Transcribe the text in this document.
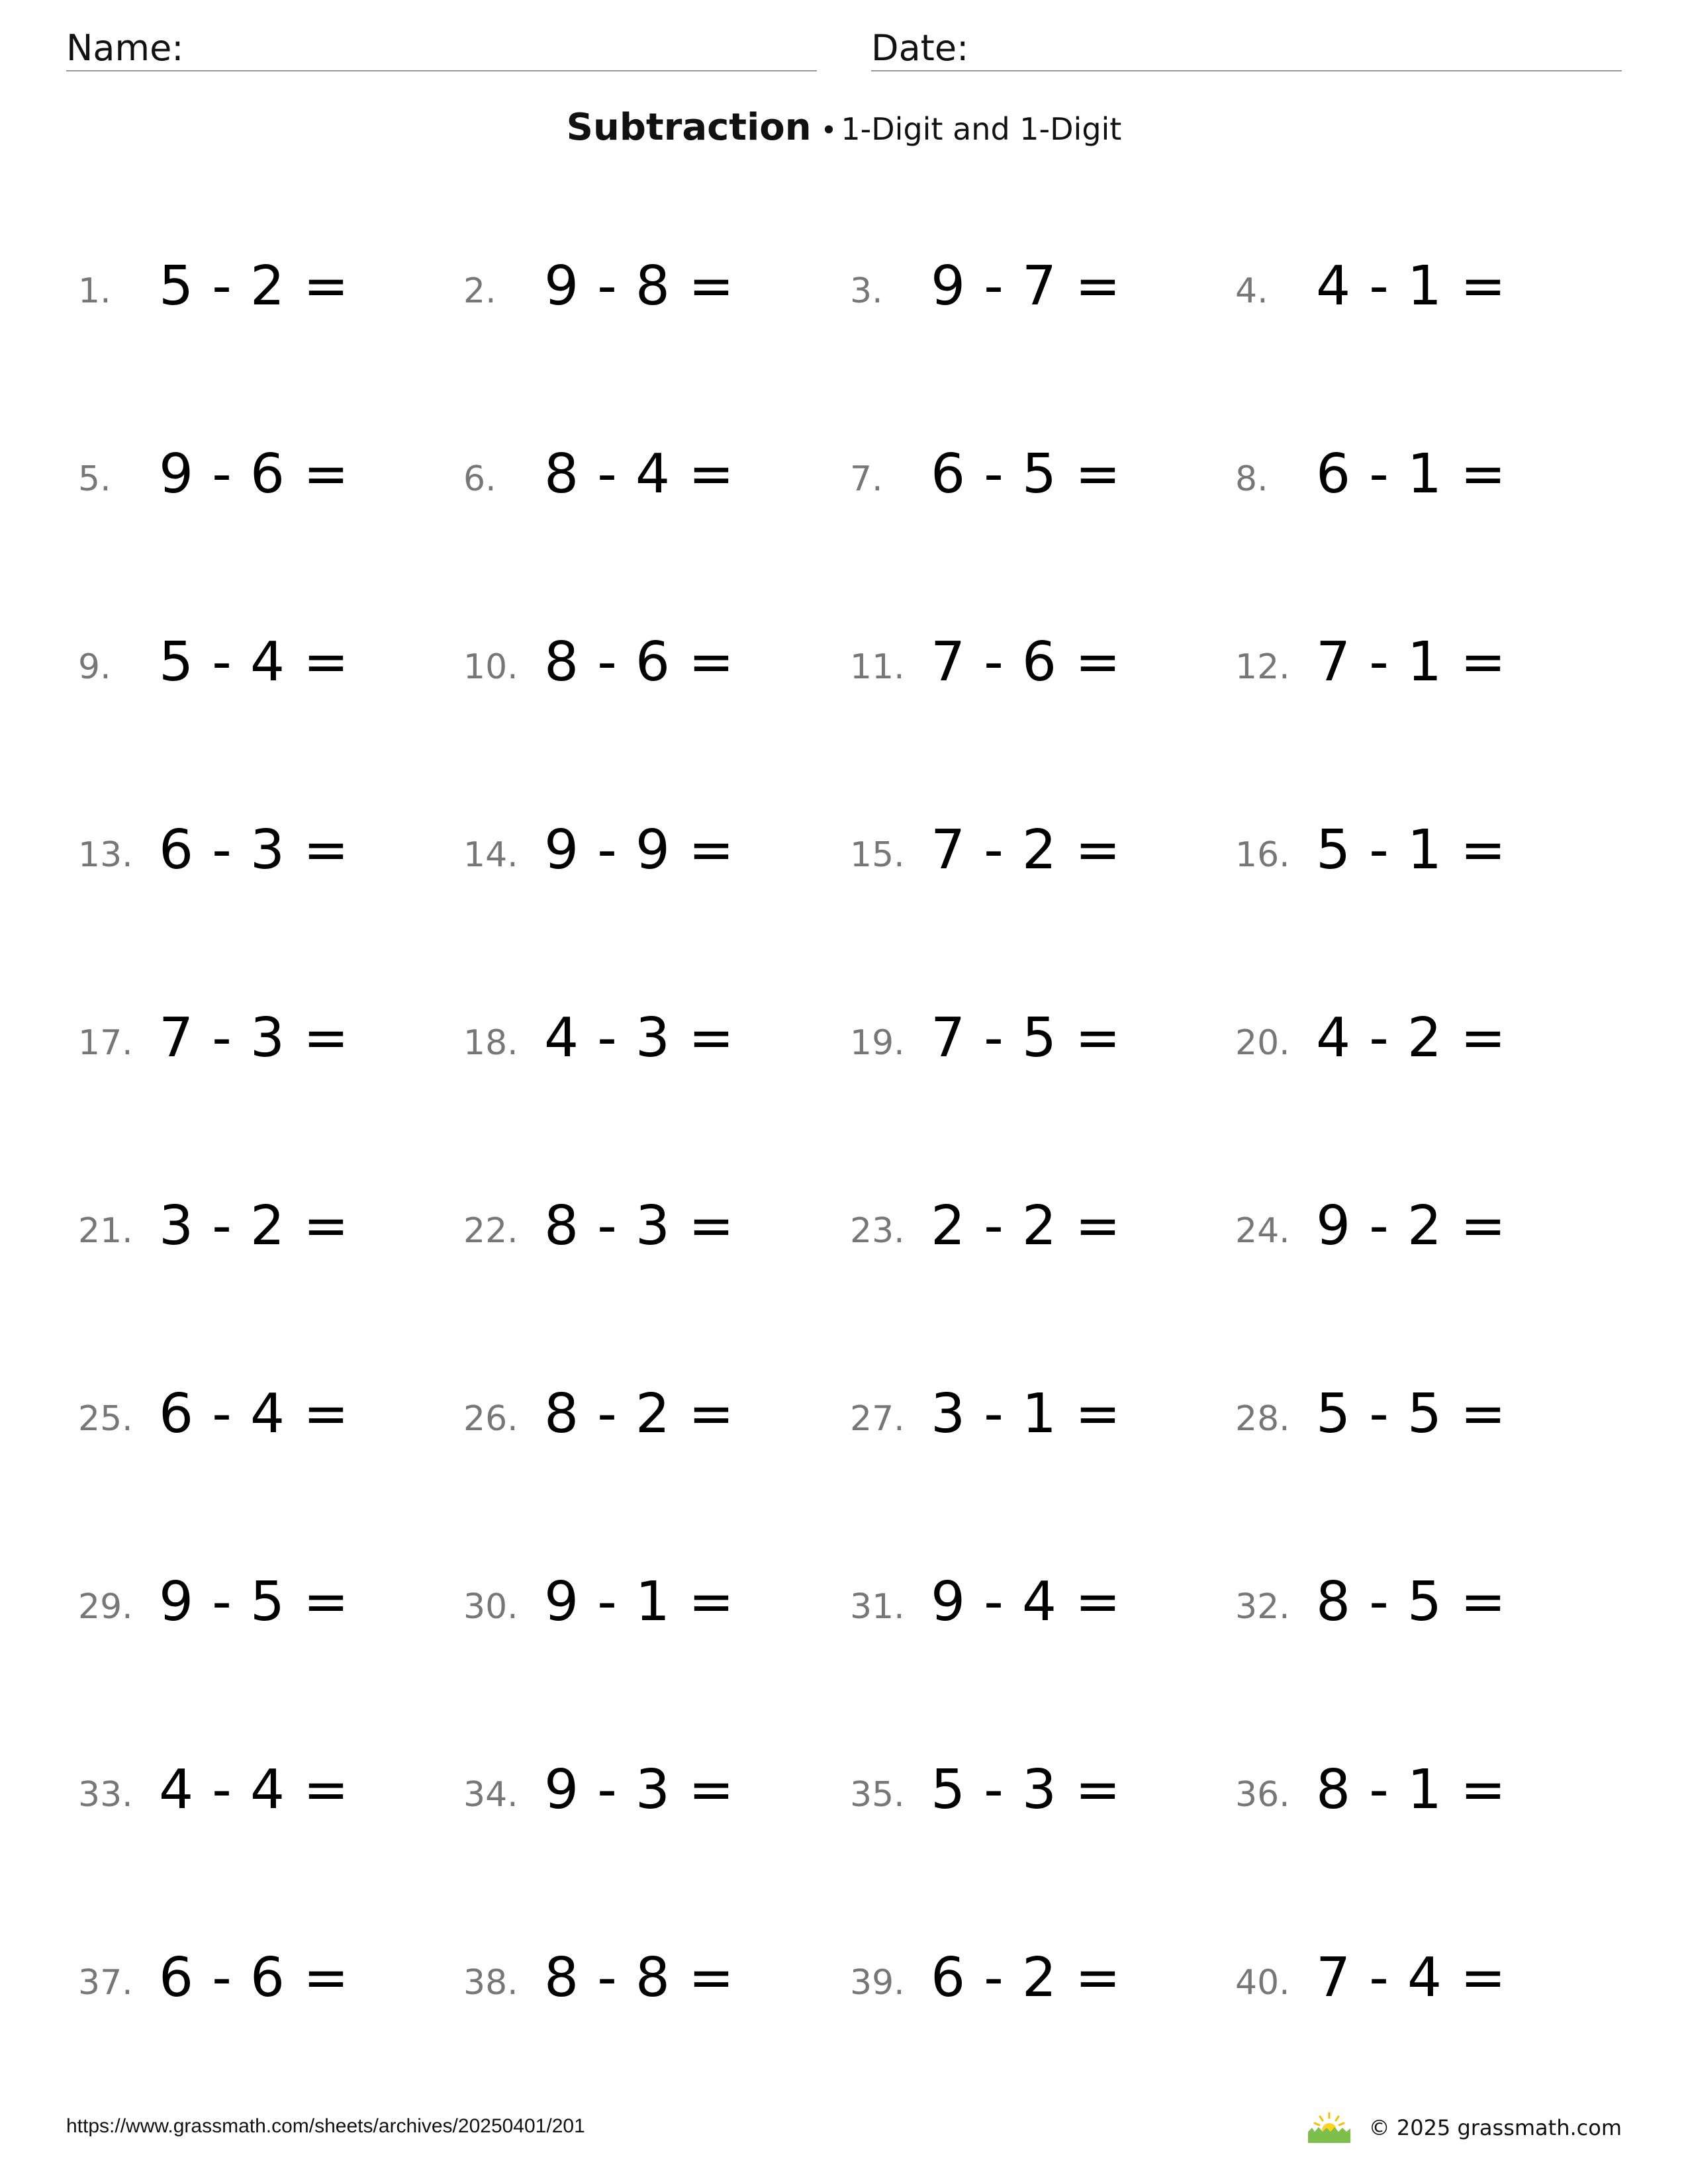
Name:	Date:
Subtraction • 1-Digit and 1-Digit
1. 5 - 2 =	2. 9 - 8 =	3. 9 - 7 =	4. 4 - 1 =
5. 9 - 6 =	6. 8 - 4 =	7. 6 - 5 =	8. 6 - 1 =
9. 5 - 4 =	10. 8 - 6 =	11. 7 - 6 =	12. 7 - 1 =
13. 6 - 3 =	14. 9 - 9 =	15. 7 - 2 =	16. 5 - 1 =
17. 7 - 3 =	18. 4 - 3 =	19. 7 - 5 =	20. 4 - 2 =
21. 3 - 2 =	22. 8 - 3 =	23. 2 - 2 =	24. 9 - 2 =
25. 6 - 4 =	26. 8 - 2 =	27. 3 - 1 =	28. 5 - 5 =
29. 9 - 5 =	30. 9 - 1 =	31. 9 - 4 =	32. 8 - 5 =
33. 4 - 4 =	34. 9 - 3 =	35. 5 - 3 =	36. 8 - 1 =
37. 6 - 6 =	38. 8 - 8 =	39. 6 - 2 =	40. 7 - 4 =
https://www.grassmath.com/sheets/archives/20250401/201	© 2025 grassmath.com
